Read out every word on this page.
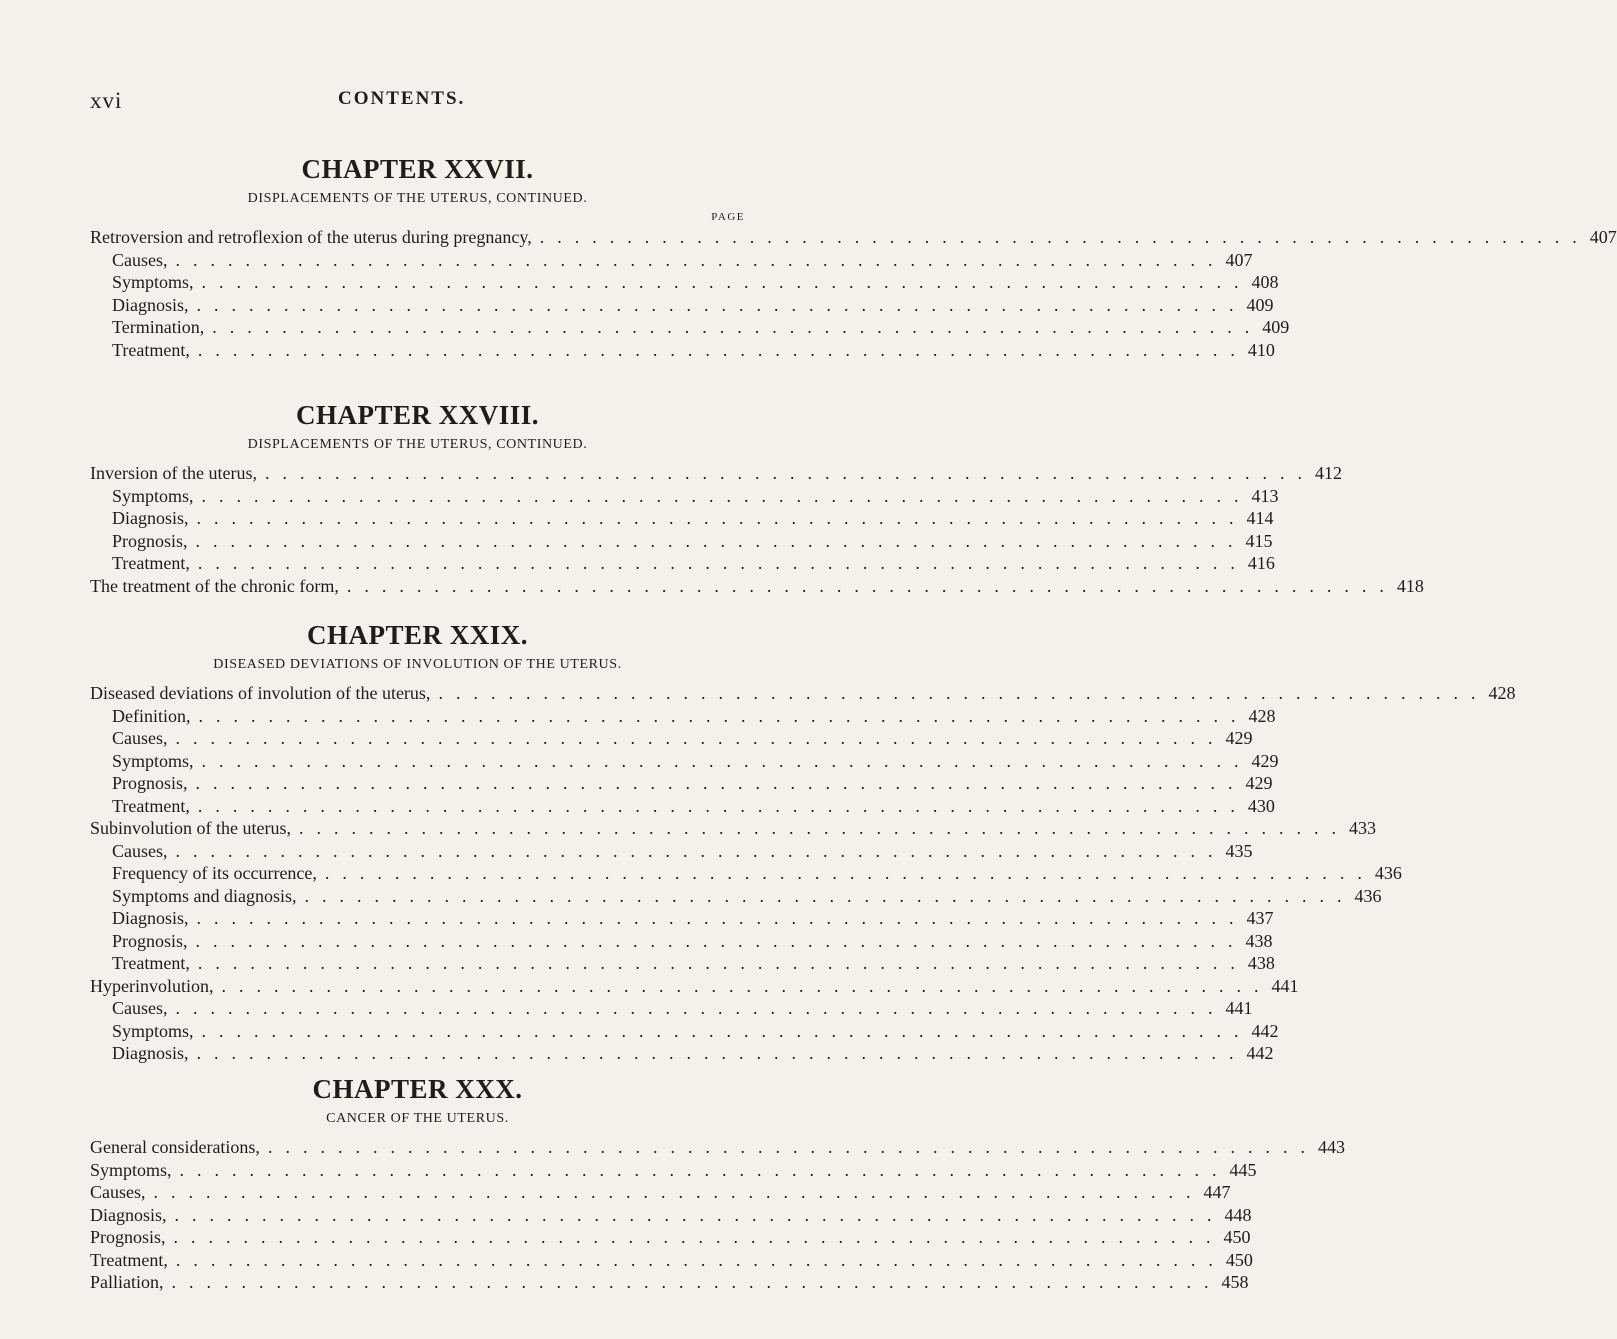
xvi	CONTENTS.
CHAPTER XXVII.
DISPLACEMENTS OF THE UTERUS, CONTINUED.
PAGE
Retroversion and retroflexion of the uterus during pregnancy, ............................................................ 407
Causes, ............................................................ 407
Symptoms, ............................................................ 408
Diagnosis, ............................................................ 409
Termination, ............................................................ 409
Treatment, ............................................................ 410
CHAPTER XXVIII.
DISPLACEMENTS OF THE UTERUS, CONTINUED.
Inversion of the uterus, ............................................................ 412
Symptoms, ............................................................ 413
Diagnosis, ............................................................ 414
Prognosis, ............................................................ 415
Treatment, ............................................................ 416
The treatment of the chronic form, ............................................................ 418
CHAPTER XXIX.
DISEASED DEVIATIONS OF INVOLUTION OF THE UTERUS.
Diseased deviations of involution of the uterus, ............................................................ 428
Definition, ............................................................ 428
Causes, ............................................................ 429
Symptoms, ............................................................ 429
Prognosis, ............................................................ 429
Treatment, ............................................................ 430
Subinvolution of the uterus, ............................................................ 433
Causes, ............................................................ 435
Frequency of its occurrence, ............................................................ 436
Symptoms and diagnosis, ............................................................ 436
Diagnosis, ............................................................ 437
Prognosis, ............................................................ 438
Treatment, ............................................................ 438
Hyperinvolution, ............................................................ 441
Causes, ............................................................ 441
Symptoms, ............................................................ 442
Diagnosis, ............................................................ 442
CHAPTER XXX.
CANCER OF THE UTERUS.
General considerations, ............................................................ 443
Symptoms, ............................................................ 445
Causes, ............................................................ 447
Diagnosis, ............................................................ 448
Prognosis, ............................................................ 450
Treatment, ............................................................ 450
Palliation, ............................................................ 458
